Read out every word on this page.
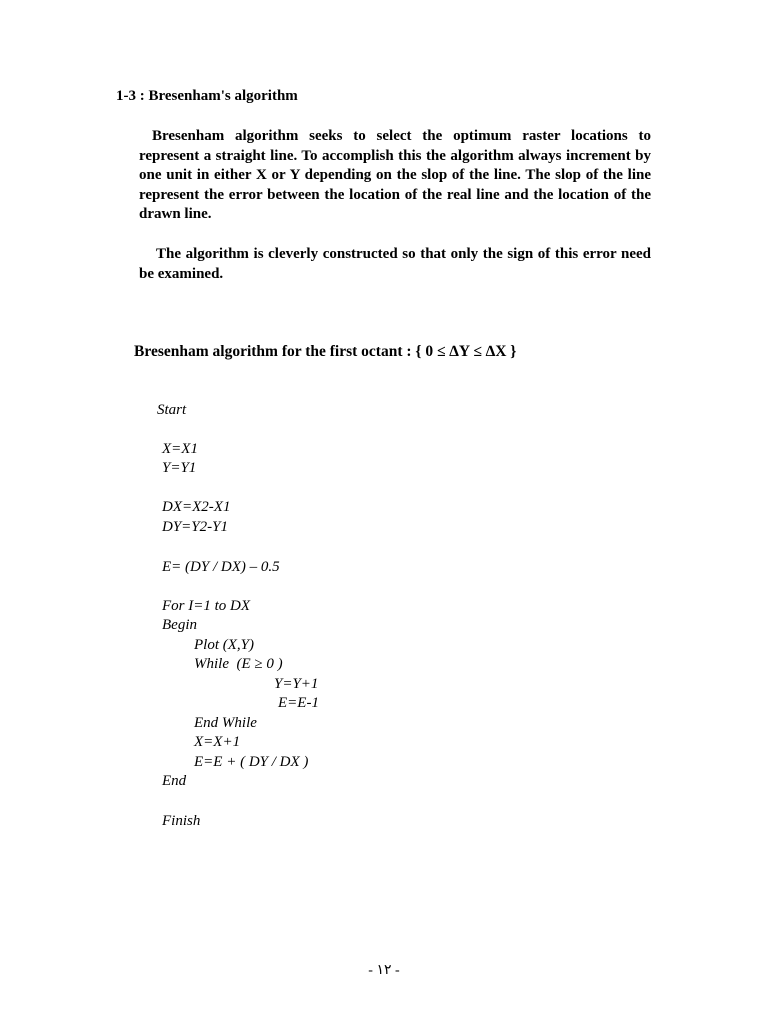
1-3 : Bresenham's algorithm

Bresenham algorithm seeks to select the optimum raster locations to represent a straight line. To accomplish this the algorithm always increment by one unit in either X or Y depending on the slop of the line. The slop of the line represent the error between the location of the real line and the location of the drawn line.

The algorithm is cleverly constructed so that only the sign of this error need be examined.

Bresenham algorithm for the first octant : { 0 ≤ ∆Y ≤ ∆X }

Start
X=X1
Y=Y1
DX=X2-X1
DY=Y2-Y1
E= (DY / DX) – 0.5
For I=1 to DX
Begin
Plot (X,Y)
While  (E ≥ 0 )
Y=Y+1
E=E-1
End While
X=X+1
E=E + ( DY / DX )
End
Finish

- ١٢ -
